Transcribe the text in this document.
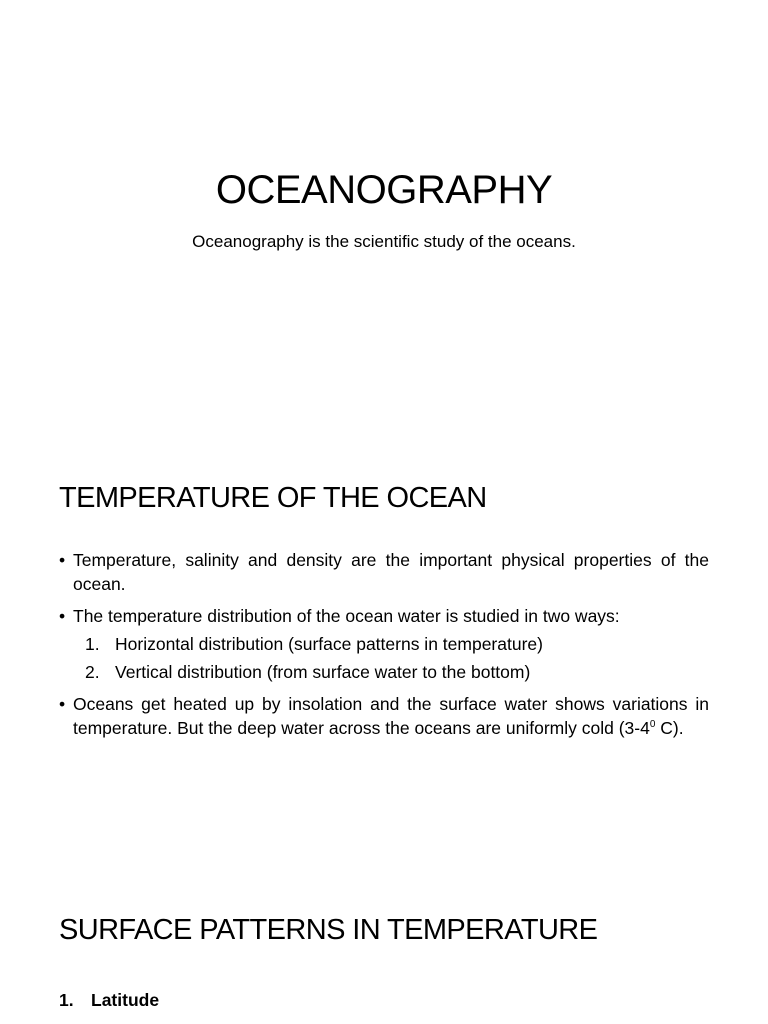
OCEANOGRAPHY
Oceanography is the scientific study of the oceans.
TEMPERATURE OF THE OCEAN
• Temperature, salinity and density are the important physical properties of the ocean.
• The temperature distribution of the ocean water is studied in two ways:
1. Horizontal distribution (surface patterns in temperature)
2. Vertical distribution (from surface water to the bottom)
• Oceans get heated up by insolation and the surface water shows variations in temperature. But the deep water across the oceans are uniformly cold ($3-4^0$ C).
SURFACE PATTERNS IN TEMPERATURE
1. Latitude
